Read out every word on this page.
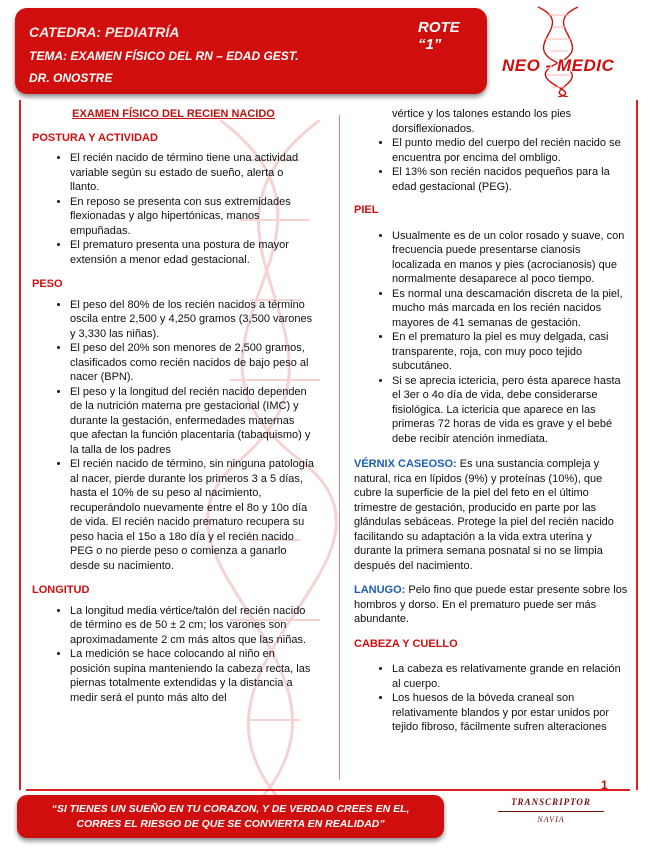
CATEDRA: PEDIATRÍA	ROTE “1”
TEMA: EXAMEN FÍSICO DEL RN – EDAD GEST.
DR. ONOSTRE
NEO - MEDIC
EXAMEN FÍSICO DEL RECIEN NACIDO
POSTURA Y ACTIVIDAD
• El recién nacido de término tiene una actividad variable según su estado de sueño, alerta o llanto.
• En reposo se presenta con sus extremidades flexionadas y algo hipertónicas, manos empuñadas.
• El prematuro presenta una postura de mayor extensión a menor edad gestacional.
PESO
• El peso del 80% de los recién nacidos a término oscila entre 2,500 y 4,250 gramos (3,500 varones y 3,330 las niñas).
• El peso del 20% son menores de 2,500 gramos, clasificados como recién nacidos de bajo peso al nacer (BPN).
• El peso y la longitud del recién nacido dependen de la nutrición materna pre gestacional (IMC) y durante la gestación, enfermedades maternas que afectan la función placentaria (tabaquismo) y la talla de los padres
• El recién nacido de término, sin ninguna patología al nacer, pierde durante los primeros 3 a 5 días, hasta el 10% de su peso al nacimiento, recuperándolo nuevamente entre el 8o y 10o día de vida. El recién nacido prematuro recupera su peso hacia el 15o a 18o día y el recién nacido PEG o no pierde peso o comienza a ganarlo desde su nacimiento.
LONGITUD
• La longitud media vértice/talón del recién nacido de término es de 50 ± 2 cm; los varones son aproximadamente 2 cm más altos que las niñas.
• La medición se hace colocando al niño en posición supina manteniendo la cabeza recta, las piernas totalmente extendidas y la distancia a medir será el punto más alto del
vértice y los talones estando los pies dorsiflexionados.
• El punto medio del cuerpo del recién nacido se encuentra por encima del ombligo.
• El 13% son recién nacidos pequeños para la edad gestacional (PEG).
PIEL
• Usualmente es de un color rosado y suave, con frecuencia puede presentarse cianosis localizada en manos y pies (acrocianosis) que normalmente desaparece al poco tiempo.
• Es normal una descamación discreta de la piel, mucho más marcada en los recién nacidos mayores de 41 semanas de gestación.
• En el prematuro la piel es muy delgada, casi transparente, roja, con muy poco tejido subcutáneo.
• Si se aprecia ictericia, pero ésta aparece hasta el 3er o 4o día de vida, debe considerarse fisiológica. La ictericia que aparece en las primeras 72 horas de vida es grave y el bebé debe recibir atención inmediata.

VÉRNIX CASEOSO: Es una sustancia compleja y natural, rica en lípidos (9%) y proteínas (10%), que cubre la superficie de la piel del feto en el último trimestre de gestación, producido en parte por las glándulas sebáceas. Protege la piel del recién nacido facilitando su adaptación a la vida extra uterina y durante la primera semana posnatal si no se limpia después del nacimiento.

LANUGO: Pelo fino que puede estar presente sobre los hombros y dorso. En el prematuro puede ser más abundante.

CABEZA Y CUELLO
• La cabeza es relativamente grande en relación al cuerpo.
• Los huesos de la bóveda craneal son relativamente blandos y por estar unidos por tejido fibroso, fácilmente sufren alteraciones
1
“SI TIENES UN SUEÑO EN TU CORAZON, Y DE VERDAD CREES EN EL,
CORRES EL RIESGO DE QUE SE CONVIERTA EN REALIDAD”
TRANSCRIPTOR
NAVIA
